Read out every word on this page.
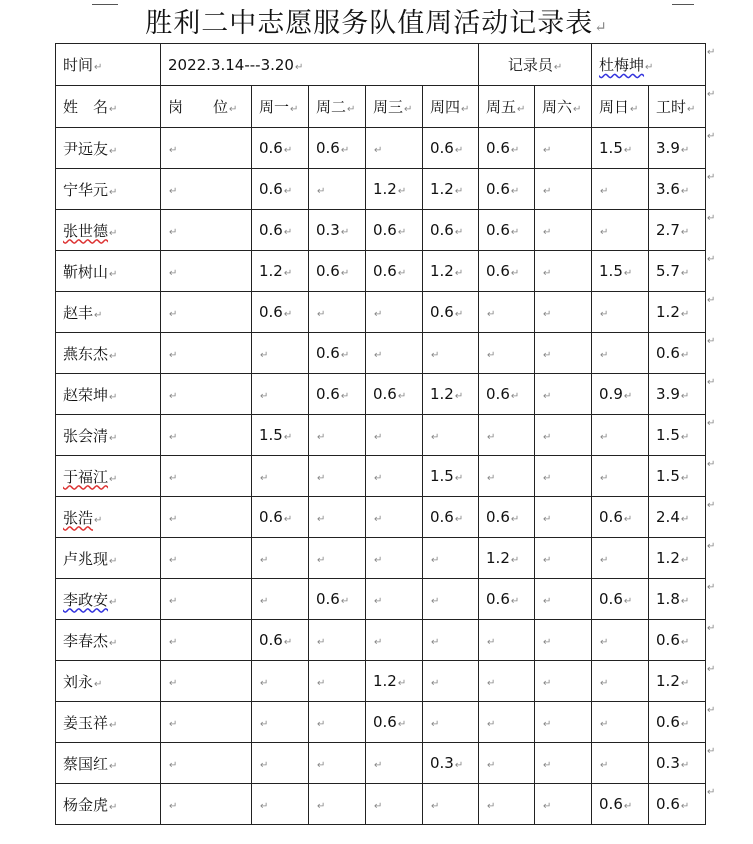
胜利二中志愿服务队值周活动记录表↵
时间↵	2022.3.14---3.20↵					记录员↵		杜梅坤↵	
姓　名↵	岗　　位↵	周一↵	周二↵	周三↵	周四↵	周五↵	周六↵	周日↵	工时↵
尹远友↵	↵	0.6↵	0.6↵	↵	0.6↵	0.6↵	↵	1.5↵	3.9↵
宁华元↵	↵	0.6↵	↵	1.2↵	1.2↵	0.6↵	↵	↵	3.6↵
张世德↵	↵	0.6↵	0.3↵	0.6↵	0.6↵	0.6↵	↵	↵	2.7↵
靳树山↵	↵	1.2↵	0.6↵	0.6↵	1.2↵	0.6↵	↵	1.5↵	5.7↵
赵丰↵	↵	0.6↵	↵	↵	0.6↵	↵	↵	↵	1.2↵
燕东杰↵	↵	↵	0.6↵	↵	↵	↵	↵	↵	0.6↵
赵荣坤↵	↵	↵	0.6↵	0.6↵	1.2↵	0.6↵	↵	0.9↵	3.9↵
张会清↵	↵	1.5↵	↵	↵	↵	↵	↵	↵	1.5↵
于福江↵	↵	↵	↵	↵	1.5↵	↵	↵	↵	1.5↵
张浩↵	↵	0.6↵	↵	↵	0.6↵	0.6↵	↵	0.6↵	2.4↵
卢兆现↵	↵	↵	↵	↵	↵	1.2↵	↵	↵	1.2↵
李政安↵	↵	↵	0.6↵	↵	↵	0.6↵	↵	0.6↵	1.8↵
李春杰↵	↵	0.6↵	↵	↵	↵	↵	↵	↵	0.6↵
刘永↵	↵	↵	↵	1.2↵	↵	↵	↵	↵	1.2↵
姜玉祥↵	↵	↵	↵	0.6↵	↵	↵	↵	↵	0.6↵
蔡国红↵	↵	↵	↵	↵	0.3↵	↵	↵	↵	0.3↵
杨金虎↵	↵	↵	↵	↵	↵	↵	↵	0.6↵	0.6↵
↵
↵
↵
↵
↵
↵
↵
↵
↵
↵
↵
↵
↵
↵
↵
↵
↵
↵
↵
